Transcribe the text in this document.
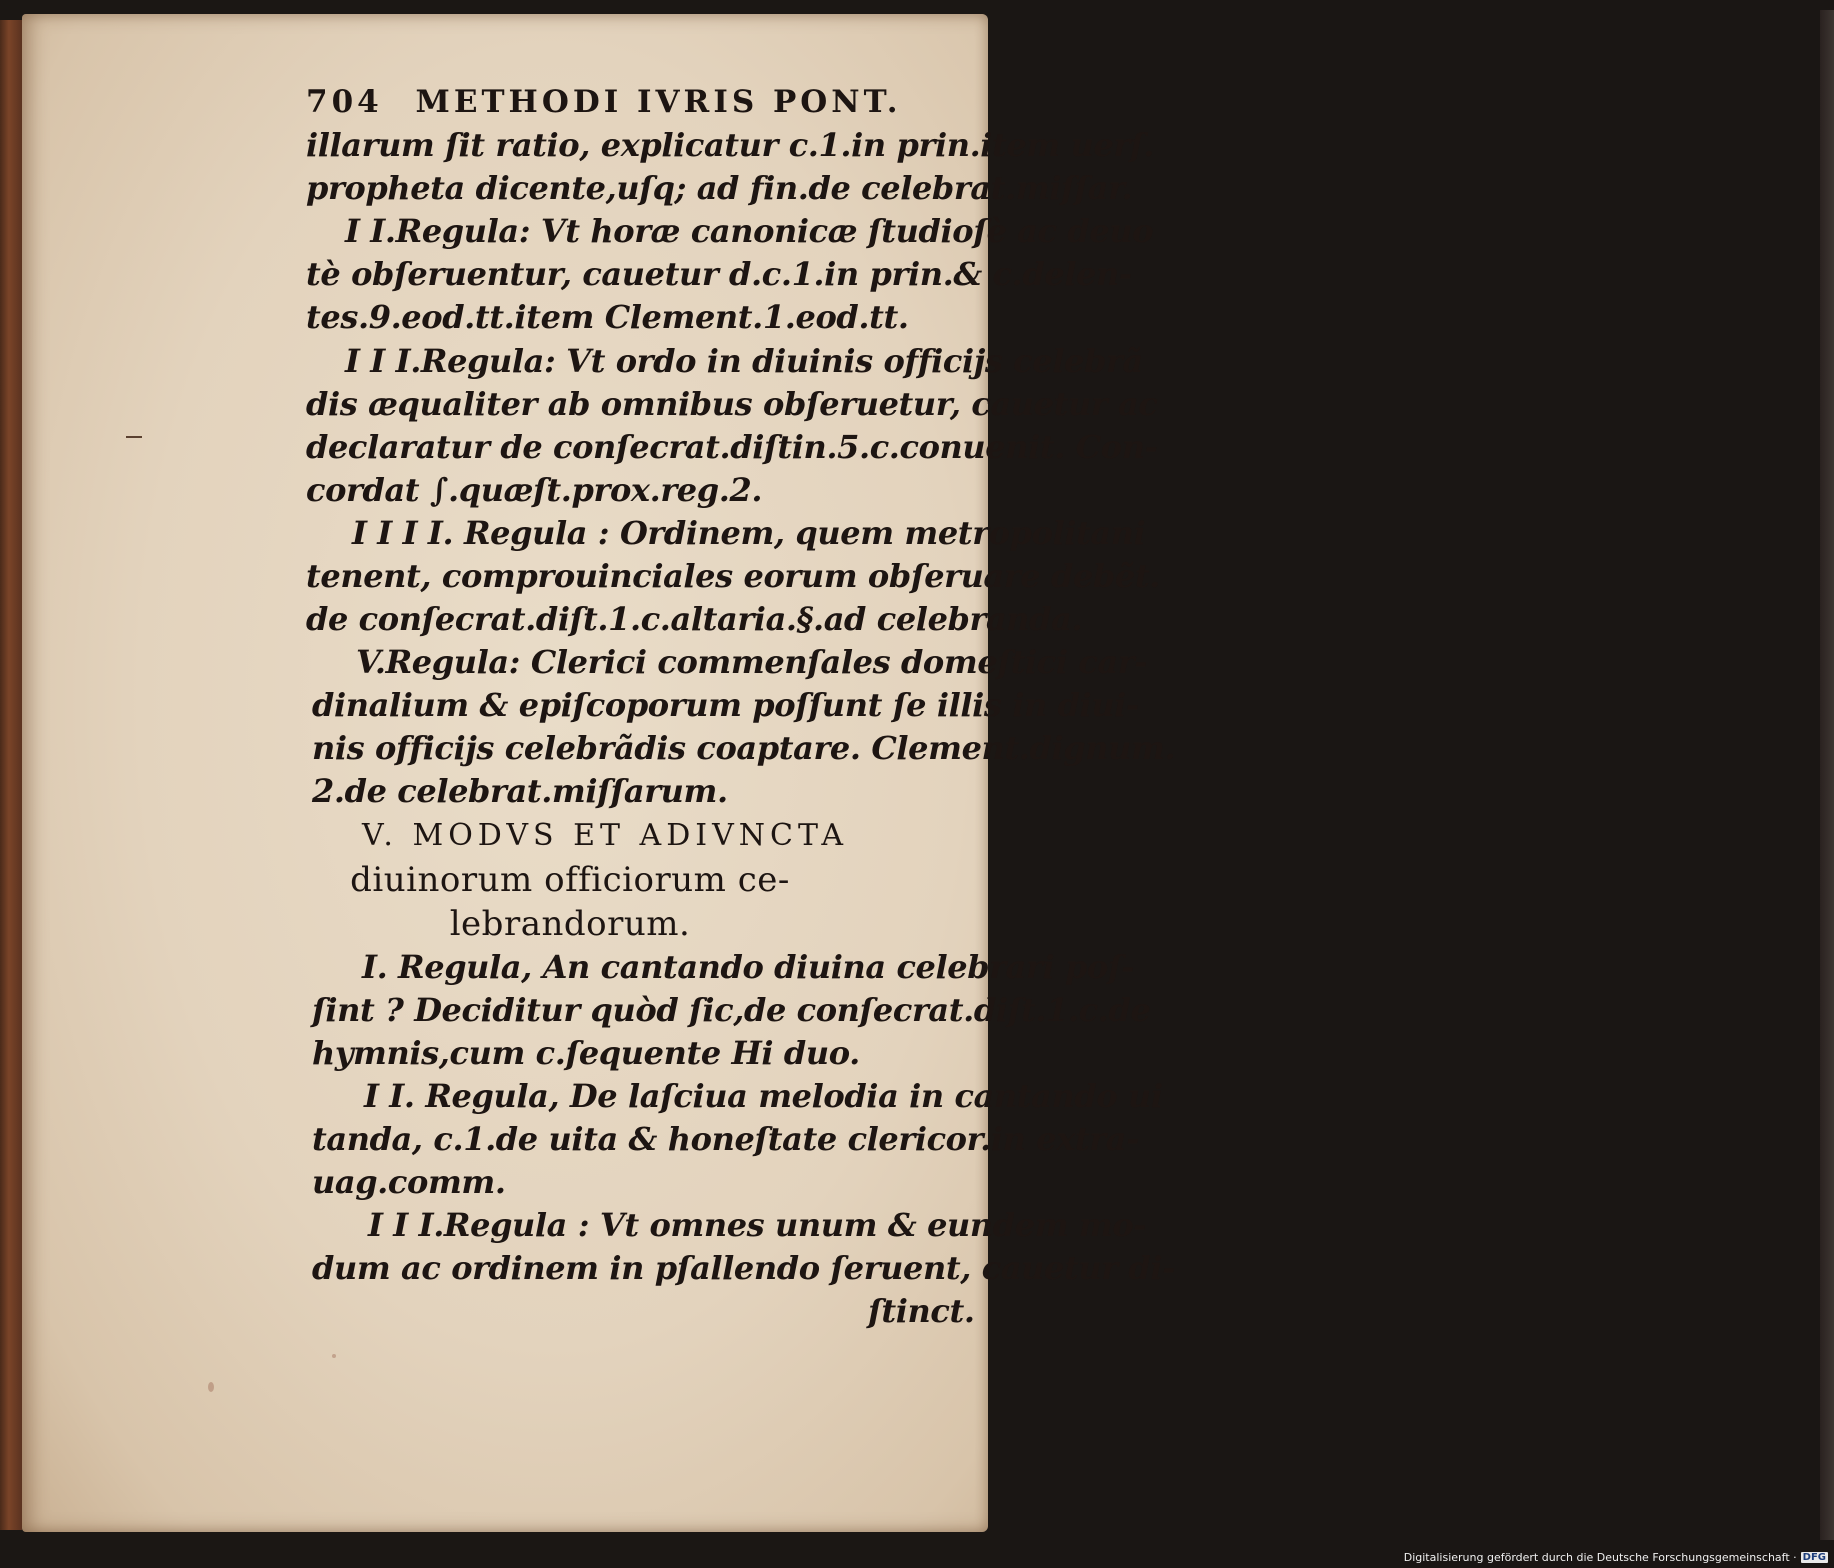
704 METHODI IVRIS PONT.
illarum ſit ratio, explicatur c.1.in prin.item uerſ.
propheta dicente,uſq; ad fin.de celebrat.miſſar.
I I.Regula: Vt horæ canonicæ ſtudioſè ac deuo
tè obſeruentur, cauetur d.c.1.in prin.& c.delen-
tes.9.eod.tt.item Clement.1.eod.tt.
I I I.Regula: Vt ordo in diuinis officijs celebrã
dis æqualiter ab omnibus obſeruetur, cauetur ac
declaratur de conſecrat.diſtin.5.c.conuenit. Con-
cordat ∫.quæſt.prox.reg.2.
I I I I. Regula : Ordinem, quem metropolitani
tenent, comprouinciales eorum obſeruare debẽt.
de conſecrat.diſt.1.c.altaria.§.ad celebranda.
V.Regula: Clerici commenſales domeſtici car-
dinalium & epiſcoporum poſſunt ſe illis in diui-
nis officijs celebrãdis coaptare. Clement.dignum.
2.de celebrat.miſſarum.
V. MODVS ET ADIVNCTA
diuinorum officiorum ce-
lebrandorum.
I. Regula, An cantando diuina celebrari poſ-
ſint ? Deciditur quòd ſic,de conſecrat.diſt.1.c.de
hymnis,cum c.ſequente Hi duo.
I I. Regula, De laſciua melodia in cantando ui
tanda, c.1.de uita & honeſtate clericor.in extra-
uag.comm.
I I I.Regula : Vt omnes unum & eundem mo-
dum ac ordinem in pſallendo ſeruent, cauetur di-
ſtinct.
Digitalisierung gefördert durch die Deutsche Forschungsgemeinschaft · DFG
